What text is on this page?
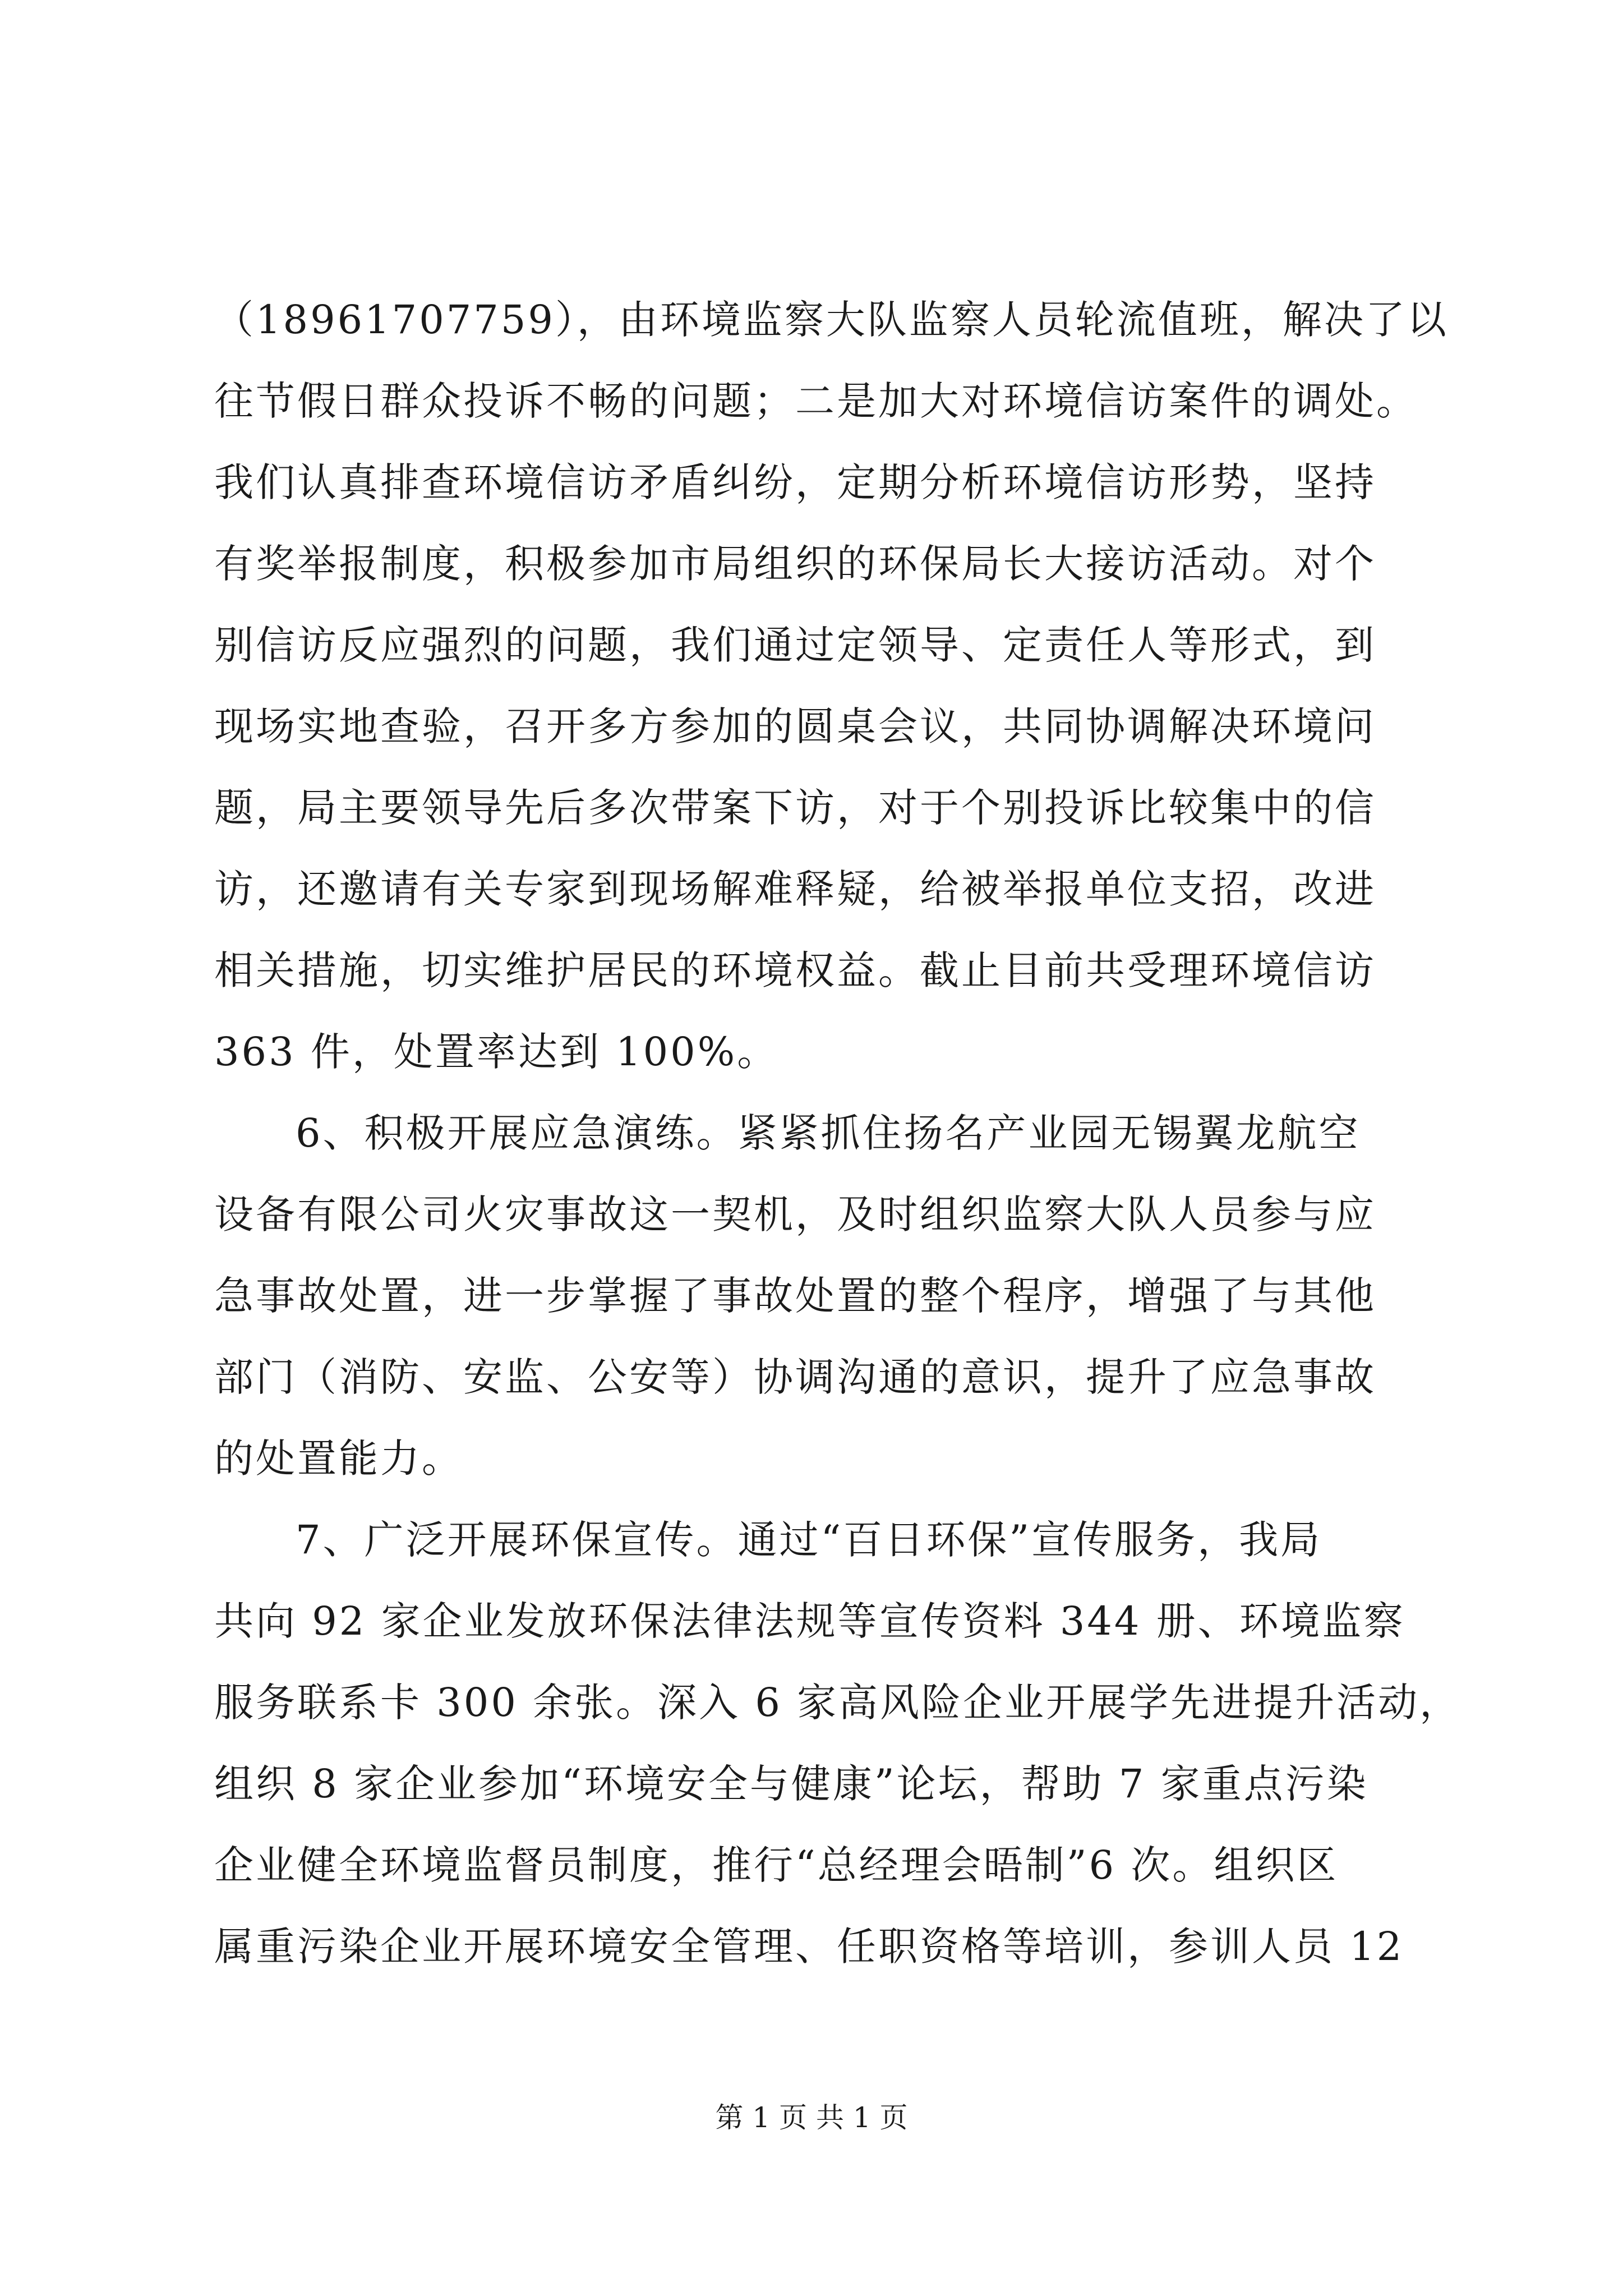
（18961707759），由环境监察大队监察人员轮流值班，解决了以
往节假日群众投诉不畅的问题；二是加大对环境信访案件的调处。
我们认真排查环境信访矛盾纠纷，定期分析环境信访形势，坚持
有奖举报制度，积极参加市局组织的环保局长大接访活动。对个
别信访反应强烈的问题，我们通过定领导、定责任人等形式，到
现场实地查验，召开多方参加的圆桌会议，共同协调解决环境问
题，局主要领导先后多次带案下访，对于个别投诉比较集中的信
访，还邀请有关专家到现场解难释疑，给被举报单位支招，改进
相关措施，切实维护居民的环境权益。截止目前共受理环境信访
363 件，处置率达到 100%。
6、积极开展应急演练。紧紧抓住扬名产业园无锡翼龙航空
设备有限公司火灾事故这一契机，及时组织监察大队人员参与应
急事故处置，进一步掌握了事故处置的整个程序，增强了与其他
部门（消防、安监、公安等）协调沟通的意识，提升了应急事故
的处置能力。
7、广泛开展环保宣传。通过“百日环保”宣传服务，我局
共向 92 家企业发放环保法律法规等宣传资料 344 册、环境监察
服务联系卡 300 余张。深入 6 家高风险企业开展学先进提升活动，
组织 8 家企业参加“环境安全与健康”论坛，帮助 7 家重点污染
企业健全环境监督员制度，推行“总经理会晤制”6 次。组织区
属重污染企业开展环境安全管理、任职资格等培训，参训人员 12
第 1 页 共 1 页
